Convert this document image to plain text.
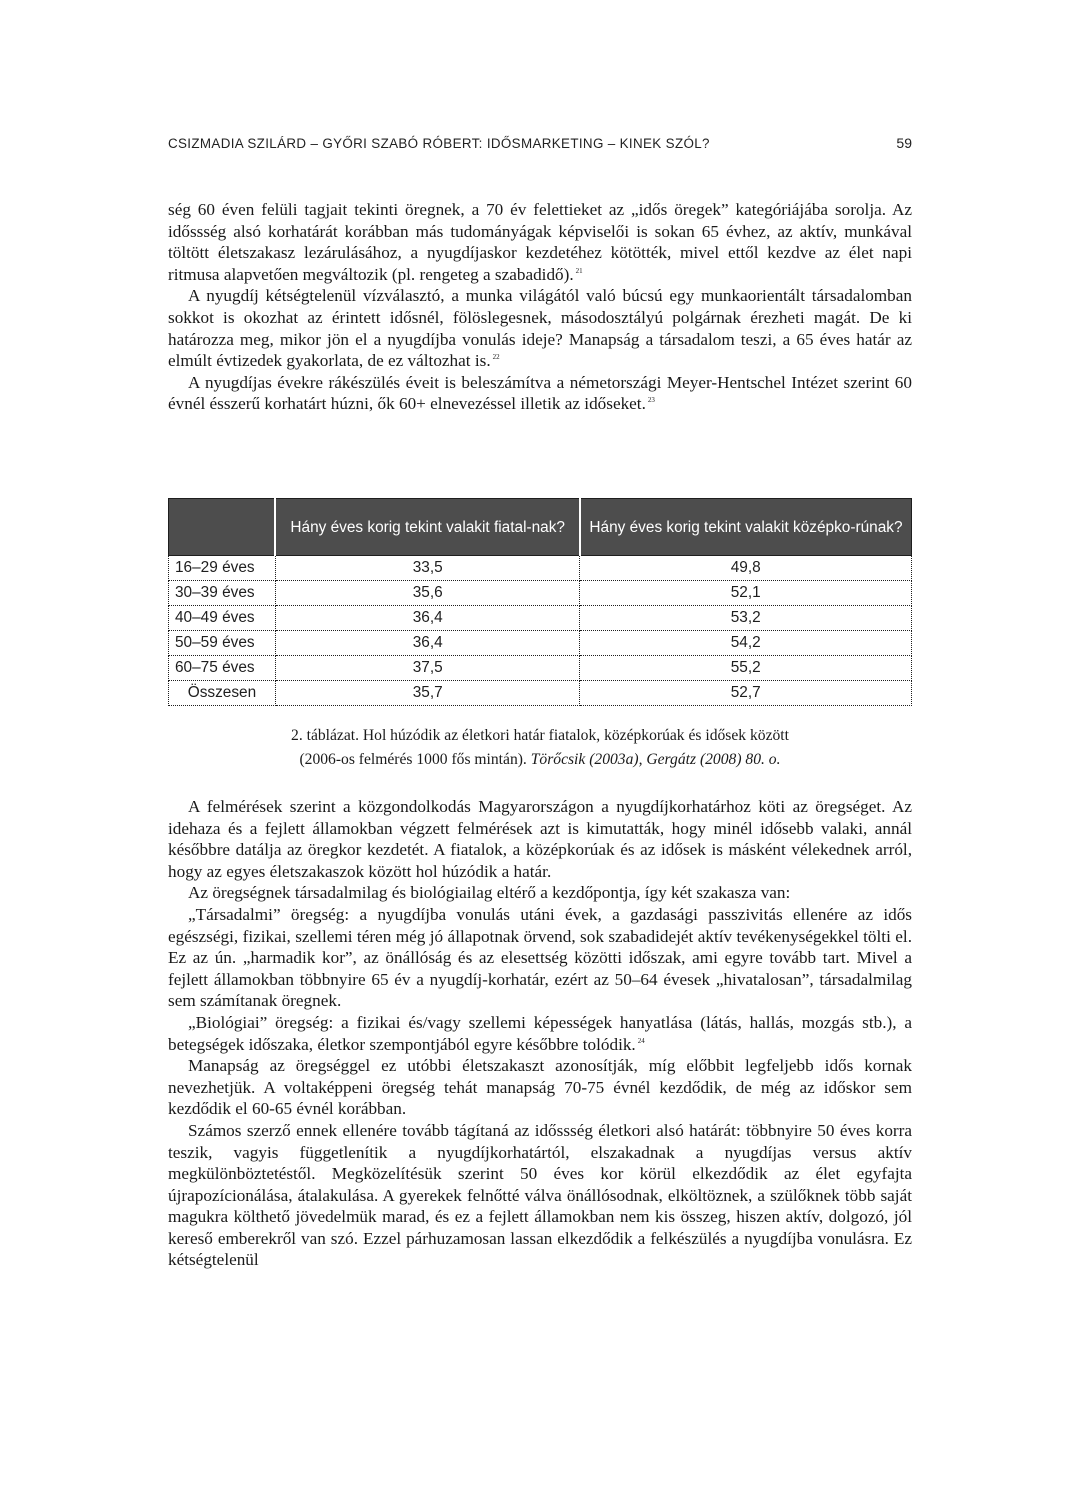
CSIZMADIA SZILÁRD – GYŐRI SZABÓ RÓBERT: IDŐSMARKETING – KINEK SZÓL?	59

ség 60 éven felüli tagjait tekinti öregnek, a 70 év felettieket az „idős öregek” kategóriájába sorolja. Az időssség alsó korhatárát korábban más tudományágak képviselői is sokan 65 évhez, az aktív, munkával töltött életszakasz lezárulásához, a nyugdíjaskor kezdetéhez kötötték, mivel ettől kezdve az élet napi ritmusa alapvetően megváltozik (pl. rengeteg a szabadidő). $^{21}$

A nyugdíj kétségtelenül vízválasztó, a munka világától való búcsú egy munkaorientált társadalomban sokkot is okozhat az érintett idősnél, fölöslegesnek, másodosztályú polgárnak érezheti magát. De ki határozza meg, mikor jön el a nyugdíjba vonulás ideje? Manapság a társadalom teszi, a 65 éves határ az elmúlt évtizedek gyakorlata, de ez változhat is. $^{22}$

A nyugdíjas évekre rákészülés éveit is beleszámítva a németországi Meyer-Hentschel Intézet szerint 60 évnél ésszerű korhatárt húzni, ők 60+ elnevezéssel illetik az időseket. $^{23}$

	Hány éves korig tekint valakit fiatal-nak?	Hány éves korig tekint valakit középko-rúnak?
16–29 éves	33,5	49,8
30–39 éves	35,6	52,1
40–49 éves	36,4	53,2
50–59 éves	36,4	54,2
60–75 éves	37,5	55,2
Összesen	35,7	52,7
2. táblázat. Hol húzódik az életkori határ fiatalok, középkorúak és idősek között
(2006-os felmérés 1000 fős mintán). Törőcsik (2003a), Gergátz (2008) 80. o.

A felmérések szerint a közgondolkodás Magyarországon a nyugdíjkorhatárhoz köti az öregséget. Az idehaza és a fejlett államokban végzett felmérések azt is kimutatták, hogy minél idősebb valaki, annál későbbre datálja az öregkor kezdetét. A fiatalok, a középkorúak és az idősek is másként vélekednek arról, hogy az egyes életszakaszok között hol húzódik a határ.

Az öregségnek társadalmilag és biológiailag eltérő a kezdőpontja, így két szakasza van:

„Társadalmi” öregség: a nyugdíjba vonulás utáni évek, a gazdasági passzivitás ellenére az idős egészségi, fizikai, szellemi téren még jó állapotnak örvend, sok szabadidejét aktív tevékenységekkel tölti el. Ez az ún. „harmadik kor”, az önállóság és az elesettség közötti időszak, ami egyre tovább tart. Mivel a fejlett államokban többnyire 65 év a nyugdíj-korhatár, ezért az 50–64 évesek „hivatalosan”, társadalmilag sem számítanak öregnek.

„Biológiai” öregség: a fizikai és/vagy szellemi képességek hanyatlása (látás, hallás, mozgás stb.), a betegségek időszaka, életkor szempontjából egyre későbbre tolódik. $^{24}$

Manapság az öregséggel ez utóbbi életszakaszt azonosítják, míg előbbit legfeljebb idős kornak nevezhetjük. A voltaképpeni öregség tehát manapság 70-75 évnél kezdődik, de még az időskor sem kezdődik el 60-65 évnél korábban.

Számos szerző ennek ellenére tovább tágítaná az időssség életkori alsó határát: többnyire 50 éves korra teszik, vagyis függetlenítik a nyugdíjkorhatártól, elszakadnak a nyugdíjas versus aktív megkülönböztetéstől. Megközelítésük szerint 50 éves kor körül elkezdődik az élet egyfajta újrapozícionálása, átalakulása. A gyerekek felnőtté válva önállósodnak, elköltöznek, a szülőknek több saját magukra költhető jövedelmük marad, és ez a fejlett államokban nem kis összeg, hiszen aktív, dolgozó, jól kereső emberekről van szó. Ezzel párhuzamosan lassan elkezdődik a felkészülés a nyugdíjba vonulásra. Ez kétségtelenül
